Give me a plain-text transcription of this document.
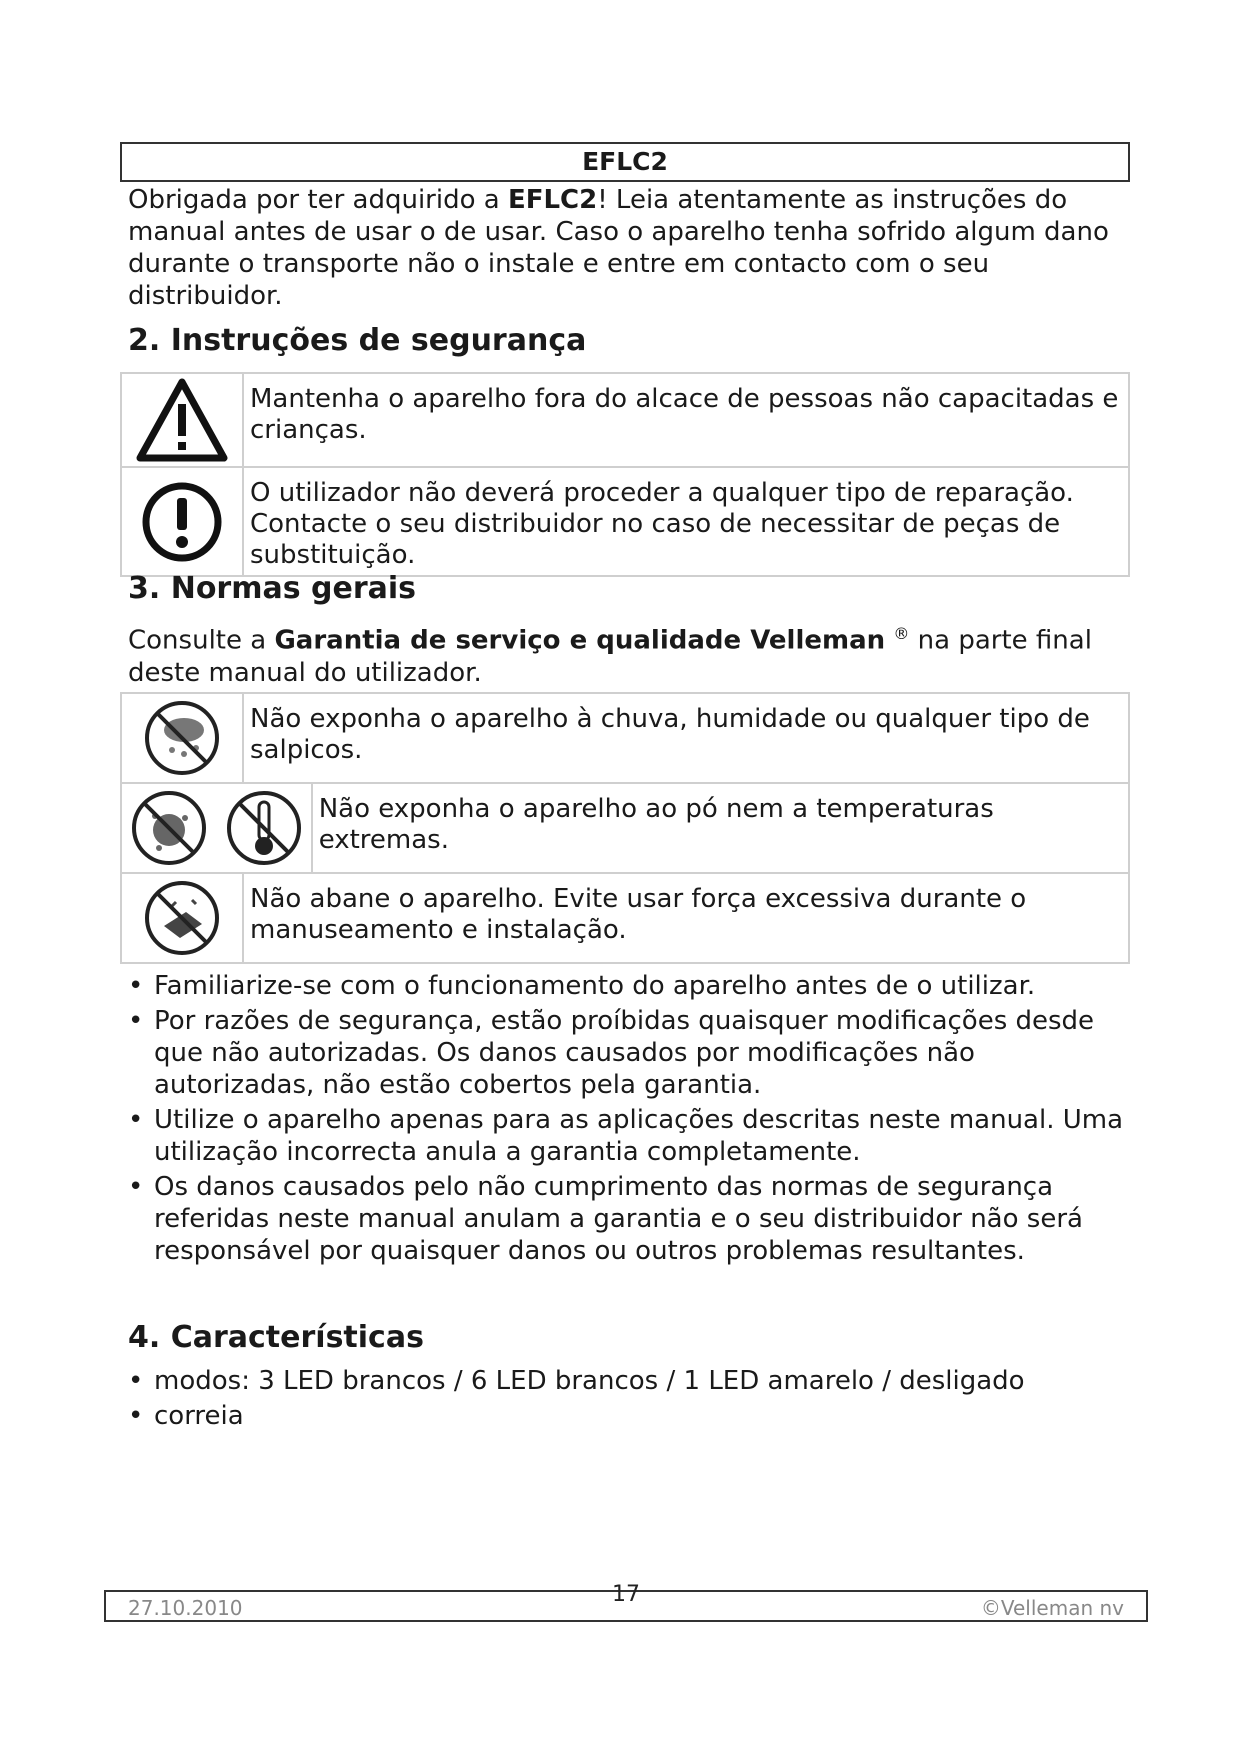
EFLC2

Obrigada por ter adquirido a EFLC2! Leia atentamente as instruções do manual antes de usar o de usar. Caso o aparelho tenha sofrido algum dano durante o transporte não o instale e entre em contacto com o seu distribuidor.

2. Instruções de segurança
	Mantenha o aparelho fora do alcace de pessoas não capacitadas e crianças.

	O utilizador não deverá proceder a qualquer tipo de reparação. Contacte o seu distribuidor no caso de necessitar de peças de substituição.
3. Normas gerais

Consulte a Garantia de serviço e qualidade Velleman ® na parte final deste manual do utilizador.

	Não exponha o aparelho à chuva, humidade ou qualquer tipo de salpicos.	

	Não exponha o aparelho ao pó nem a temperaturas extremas.

	Não abane o aparelho. Evite usar força excessiva durante o manuseamento e instalação.	
• Familiarize-se com o funcionamento do aparelho antes de o utilizar.
• Por razões de segurança, estão proíbidas quaisquer modificações desde que não autorizadas. Os danos causados por modificações não autorizadas, não estão cobertos pela garantia.
• Utilize o aparelho apenas para as aplicações descritas neste manual. Uma utilização incorrecta anula a garantia completamente.
• Os danos causados pelo não cumprimento das normas de segurança referidas neste manual anulam a garantia e o seu distribuidor não será responsável por quaisquer danos ou outros problemas resultantes.
4. Características
• modos: 3 LED brancos / 6 LED brancos / 1 LED amarelo / desligado
• correia
27.10.2010
17
©Velleman nv
